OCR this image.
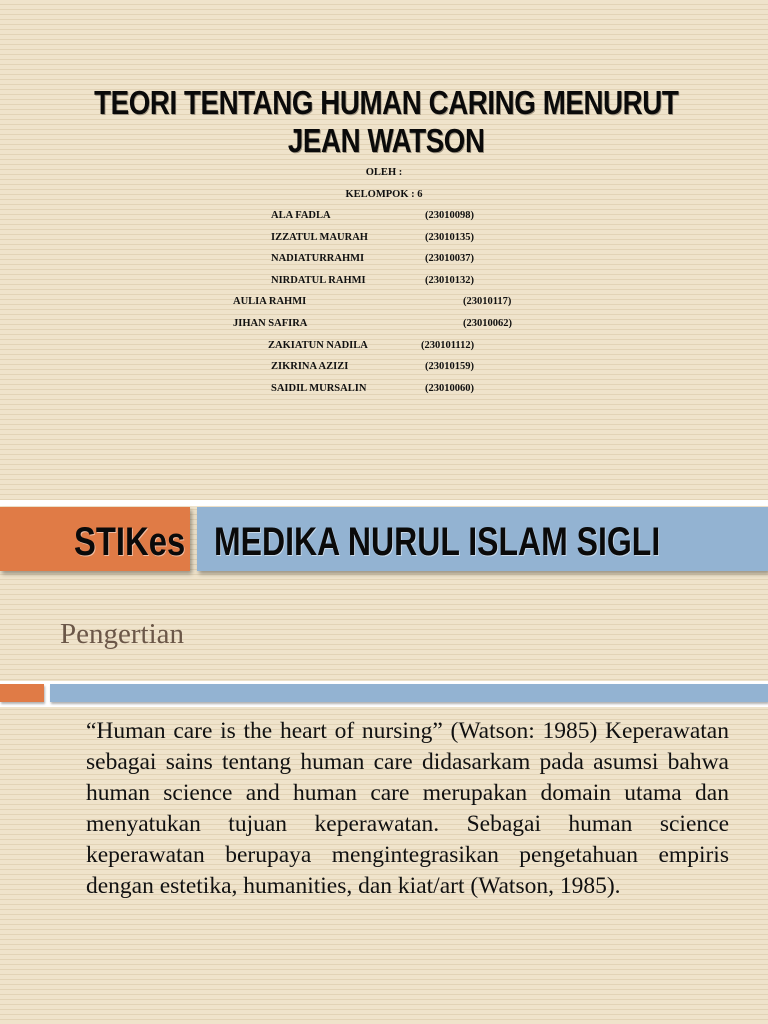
TEORI TENTANG HUMAN CARING MENURUT JEAN WATSON
OLEH :
KELOMPOK : 6
ALA FADLA	(23010098)
IZZATUL MAURAH	(23010135)
NADIATURRAHMI	(23010037)
NIRDATUL RAHMI	(23010132)
AULIA RAHMI	(23010117)
JIHAN SAFIRA	(23010062)
ZAKIATUN NADILA	(230101112)
ZIKRINA AZIZI	(23010159)
SAIDIL MURSALIN	(23010060)
STIKes MEDIKA NURUL ISLAM SIGLI
Pengertian
“Human care is the heart of nursing” (Watson: 1985) Keperawatan sebagai sains tentang human care didasarkam pada asumsi bahwa human science and human care merupakan domain utama dan menyatukan tujuan keperawatan. Sebagai human science keperawatan berupaya mengintegrasikan pengetahuan empiris dengan estetika, humanities, dan kiat/art (Watson, 1985).
